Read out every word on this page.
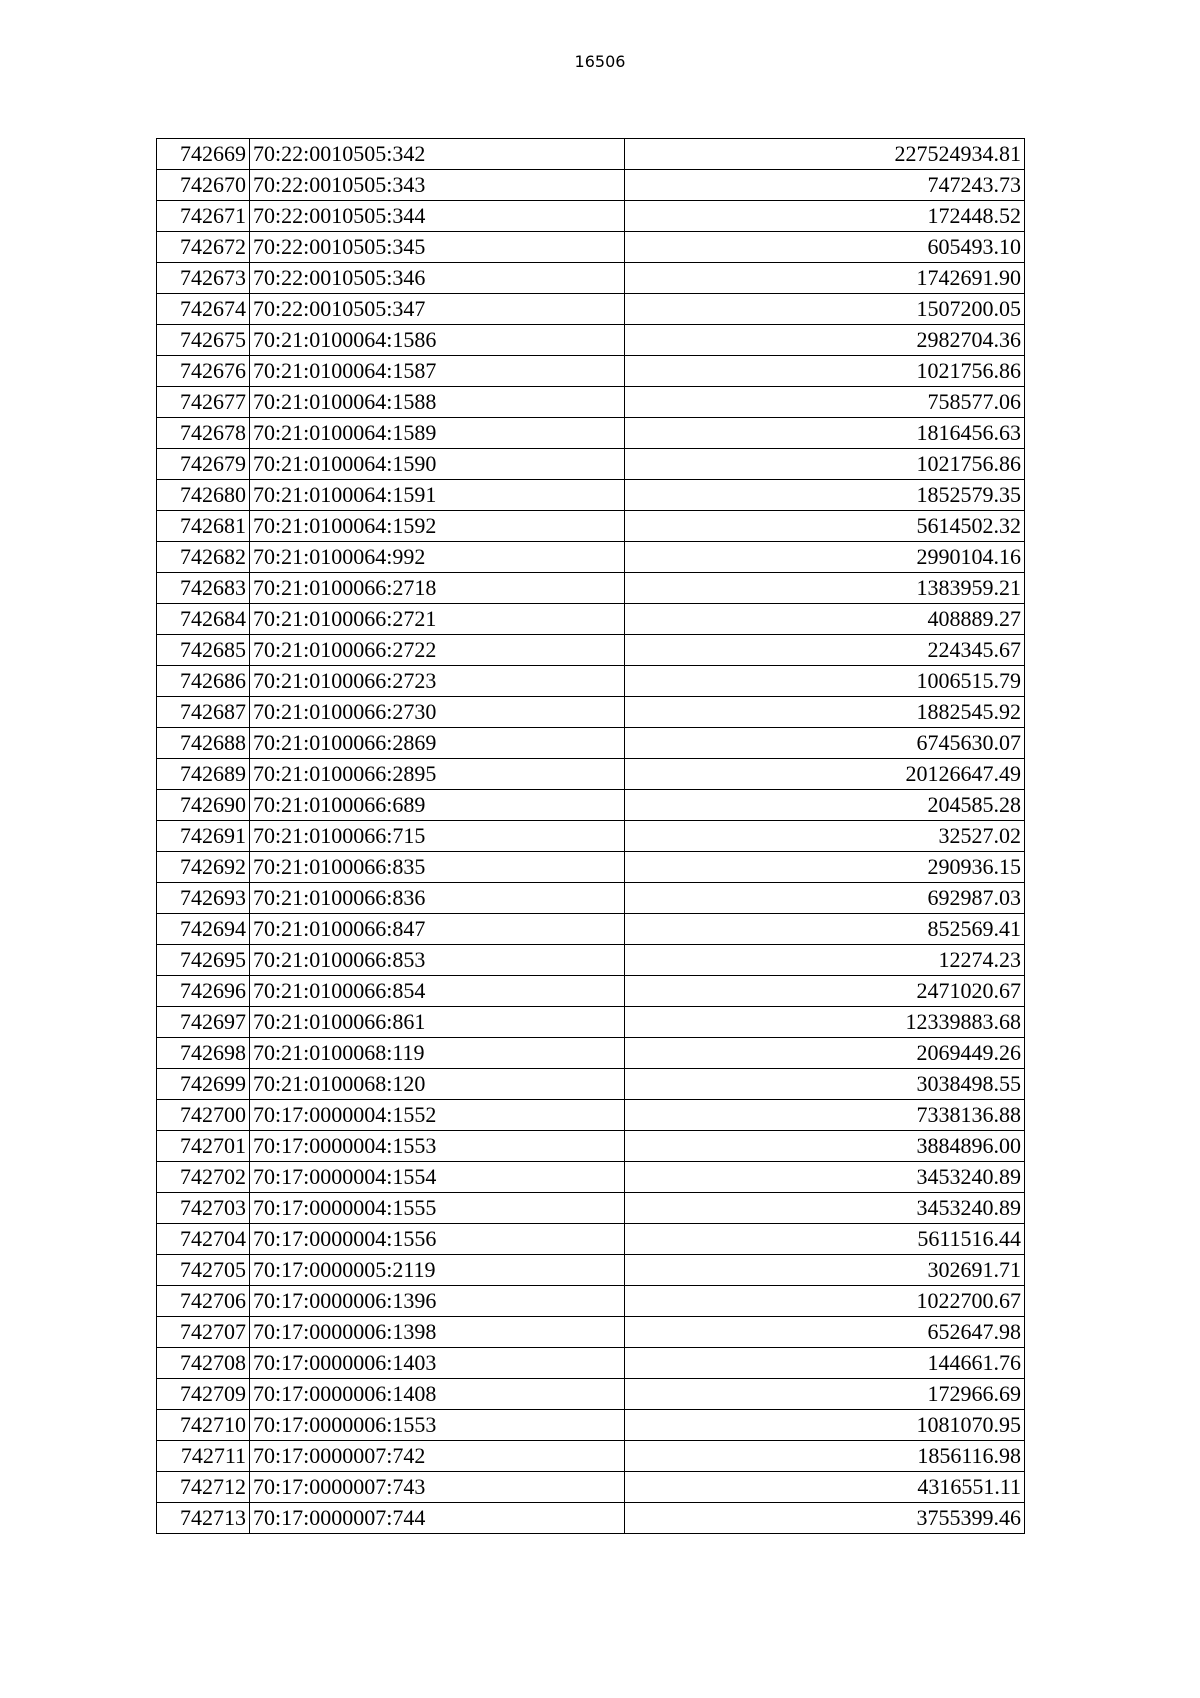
16506
742669	70:22:0010505:342	227524934.81
742670	70:22:0010505:343	747243.73
742671	70:22:0010505:344	172448.52
742672	70:22:0010505:345	605493.10
742673	70:22:0010505:346	1742691.90
742674	70:22:0010505:347	1507200.05
742675	70:21:0100064:1586	2982704.36
742676	70:21:0100064:1587	1021756.86
742677	70:21:0100064:1588	758577.06
742678	70:21:0100064:1589	1816456.63
742679	70:21:0100064:1590	1021756.86
742680	70:21:0100064:1591	1852579.35
742681	70:21:0100064:1592	5614502.32
742682	70:21:0100064:992	2990104.16
742683	70:21:0100066:2718	1383959.21
742684	70:21:0100066:2721	408889.27
742685	70:21:0100066:2722	224345.67
742686	70:21:0100066:2723	1006515.79
742687	70:21:0100066:2730	1882545.92
742688	70:21:0100066:2869	6745630.07
742689	70:21:0100066:2895	20126647.49
742690	70:21:0100066:689	204585.28
742691	70:21:0100066:715	32527.02
742692	70:21:0100066:835	290936.15
742693	70:21:0100066:836	692987.03
742694	70:21:0100066:847	852569.41
742695	70:21:0100066:853	12274.23
742696	70:21:0100066:854	2471020.67
742697	70:21:0100066:861	12339883.68
742698	70:21:0100068:119	2069449.26
742699	70:21:0100068:120	3038498.55
742700	70:17:0000004:1552	7338136.88
742701	70:17:0000004:1553	3884896.00
742702	70:17:0000004:1554	3453240.89
742703	70:17:0000004:1555	3453240.89
742704	70:17:0000004:1556	5611516.44
742705	70:17:0000005:2119	302691.71
742706	70:17:0000006:1396	1022700.67
742707	70:17:0000006:1398	652647.98
742708	70:17:0000006:1403	144661.76
742709	70:17:0000006:1408	172966.69
742710	70:17:0000006:1553	1081070.95
742711	70:17:0000007:742	1856116.98
742712	70:17:0000007:743	4316551.11
742713	70:17:0000007:744	3755399.46
